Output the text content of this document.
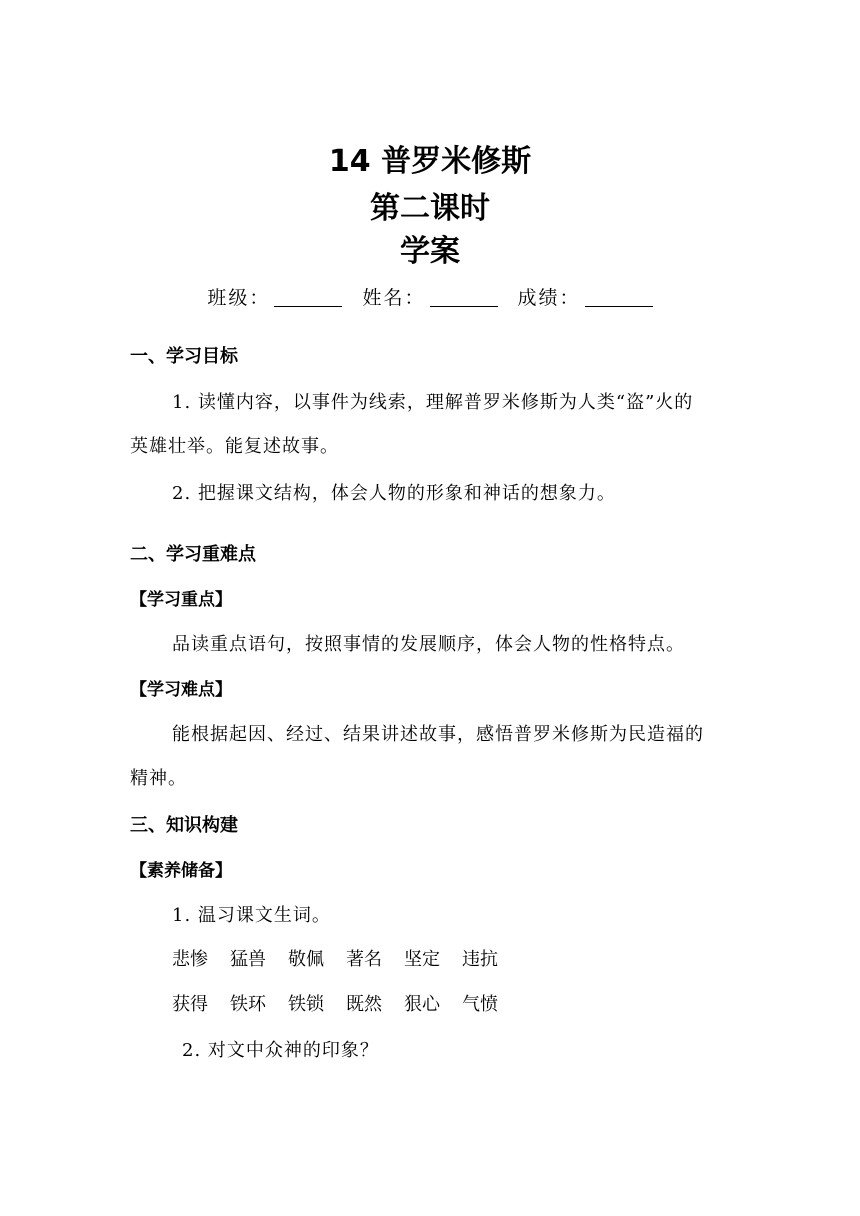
14 普罗米修斯
第二课时
学案
班级：	姓名：	成绩：
一、学习目标
1. 读懂内容，以事件为线索，理解普罗米修斯为人类“盗”火的
英雄壮举。能复述故事。
2. 把握课文结构，体会人物的形象和神话的想象力。
二、学习重难点
【学习重点】
品读重点语句，按照事情的发展顺序，体会人物的性格特点。
【学习难点】
能根据起因、经过、结果讲述故事，感悟普罗米修斯为民造福的
精神。
三、知识构建
【素养储备】
1. 温习课文生词。
悲惨 猛兽 敬佩 著名 坚定 违抗
获得 铁环 铁锁 既然 狠心 气愤
2. 对文中众神的印象？
